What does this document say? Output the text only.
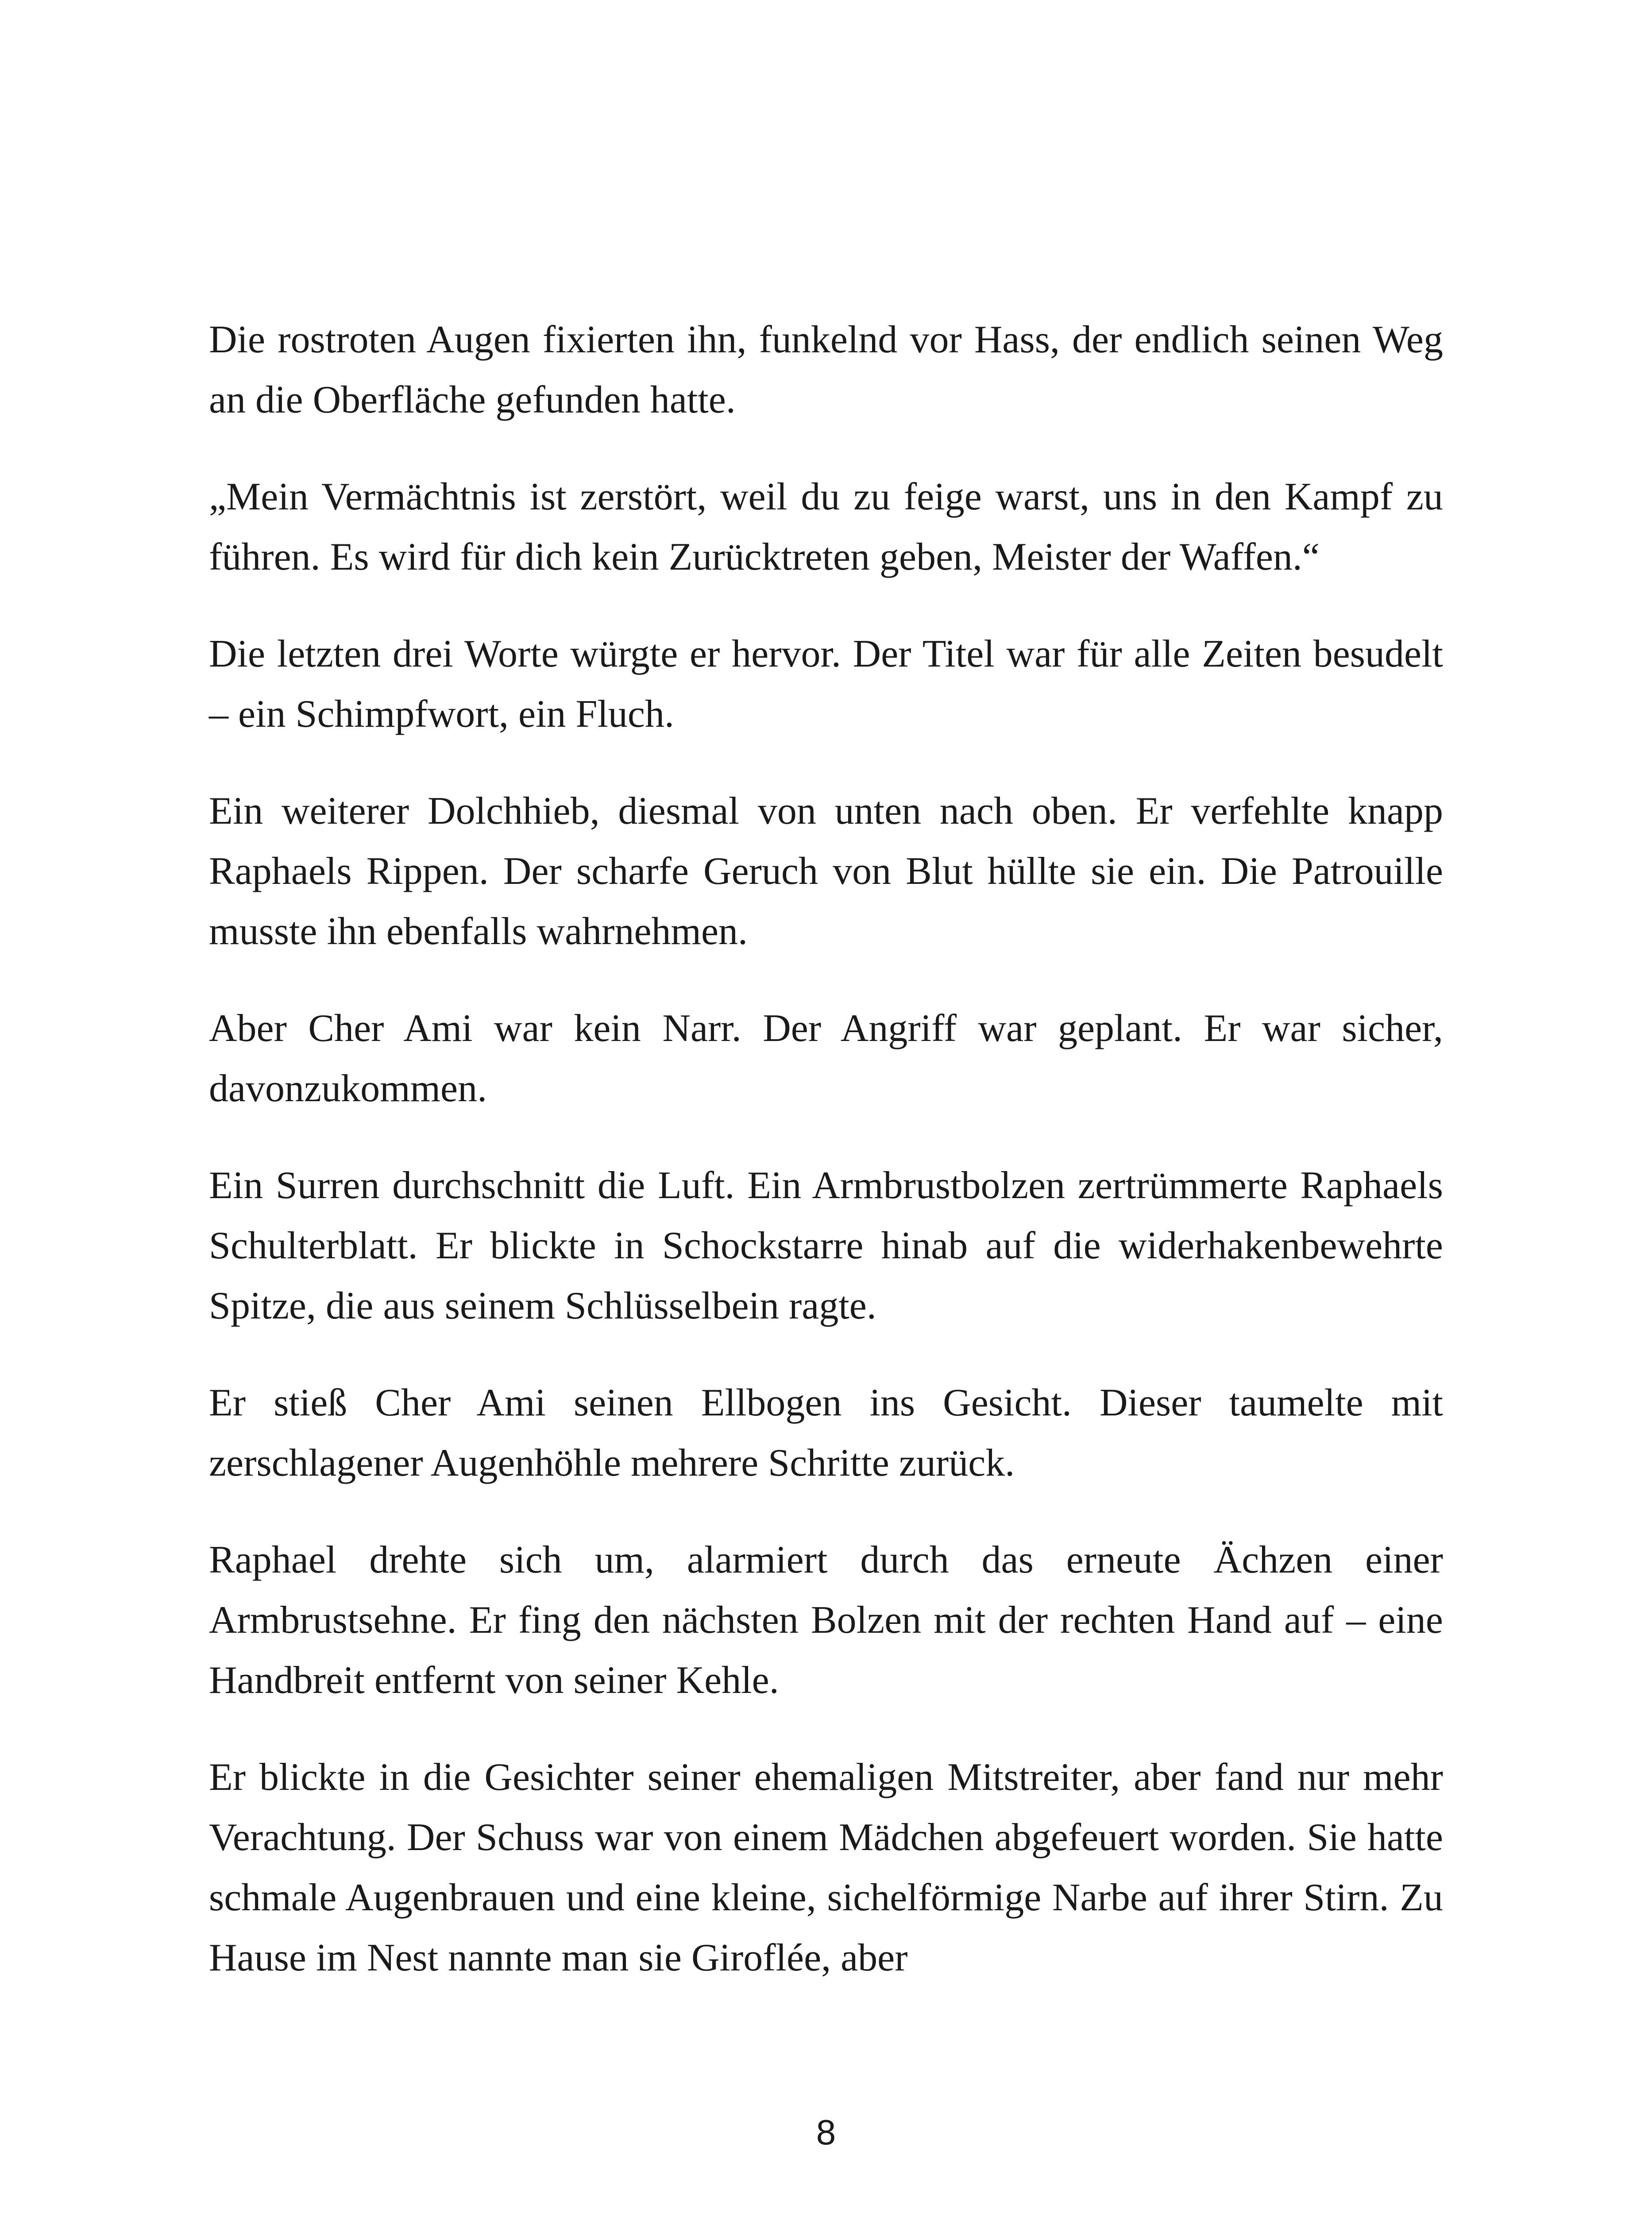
Die rostroten Augen fixierten ihn, funkelnd vor Hass, der endlich seinen Weg an die Oberfläche gefunden hatte.

„Mein Vermächtnis ist zerstört, weil du zu feige warst, uns in den Kampf zu führen. Es wird für dich kein Zurücktreten geben, Meister der Waffen.“

Die letzten drei Worte würgte er hervor. Der Titel war für alle Zeiten besudelt – ein Schimpfwort, ein Fluch.

Ein weiterer Dolchhieb, diesmal von unten nach oben. Er verfehlte knapp Raphaels Rippen. Der scharfe Geruch von Blut hüllte sie ein. Die Patrouille musste ihn ebenfalls wahrnehmen.

Aber Cher Ami war kein Narr. Der Angriff war geplant. Er war sicher, davonzukommen.

Ein Surren durchschnitt die Luft. Ein Armbrustbolzen zertrümmerte Raphaels Schulterblatt. Er blickte in Schockstarre hinab auf die widerhakenbewehrte Spitze, die aus seinem Schlüsselbein ragte.

Er stieß Cher Ami seinen Ellbogen ins Gesicht. Dieser taumelte mit zerschlagener Augenhöhle mehrere Schritte zurück.

Raphael drehte sich um, alarmiert durch das erneute Ächzen einer Armbrustsehne. Er fing den nächsten Bolzen mit der rechten Hand auf – eine Handbreit entfernt von seiner Kehle.

Er blickte in die Gesichter seiner ehemaligen Mitstreiter, aber fand nur mehr Verachtung. Der Schuss war von einem Mädchen abgefeuert worden. Sie hatte schmale Augenbrauen und eine kleine, sichelförmige Narbe auf ihrer Stirn. Zu Hause im Nest nannte man sie Giroflée, aber

8
